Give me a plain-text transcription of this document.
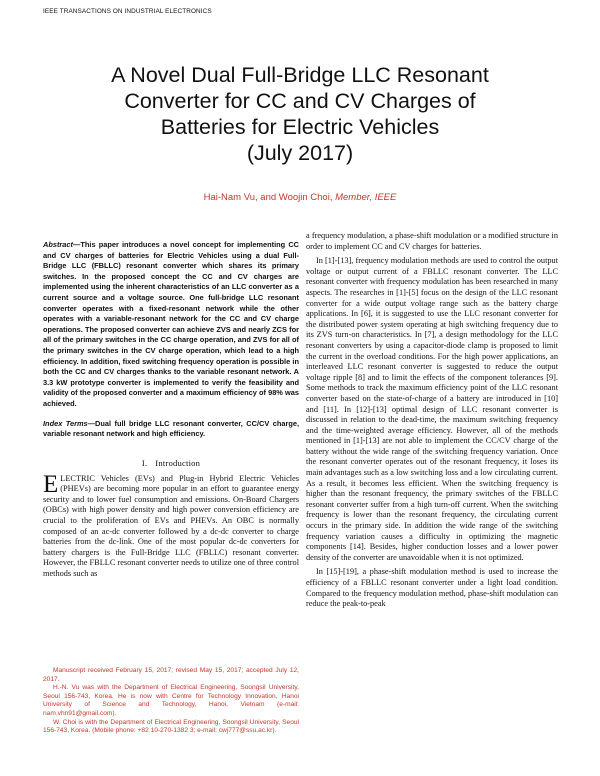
IEEE TRANSACTIONS ON INDUSTRIAL ELECTRONICS
A Novel Dual Full-Bridge LLC Resonant
Converter for CC and CV Charges of
Batteries for Electric Vehicles
(July 2017)
Hai-Nam Vu, and Woojin Choi, Member, IEEE

Abstract—This paper introduces a novel concept for implementing CC and CV charges of batteries for Electric Vehicles using a dual Full-Bridge LLC (FBLLC) resonant converter which shares its primary switches. In the proposed concept the CC and CV charges are implemented using the inherent characteristics of an LLC converter as a current source and a voltage source. One full-bridge LLC resonant converter operates with a fixed-resonant network while the other operates with a variable-resonant network for the CC and CV charge operations. The proposed converter can achieve ZVS and nearly ZCS for all of the primary switches in the CC charge operation, and ZVS for all of the primary switches in the CV charge operation, which lead to a high efficiency. In addition, fixed switching frequency operation is possible in both the CC and CV charges thanks to the variable resonant network. A 3.3 kW prototype converter is implemented to verify the feasibility and validity of the proposed converter and a maximum efficiency of 98% was achieved.

Index Terms—Dual full bridge LLC resonant converter, CC/CV charge, variable resonant network and high efficiency.

I. Introduction

ELECTRIC Vehicles (EVs) and Plug-in Hybrid Electric Vehicles (PHEVs) are becoming more popular in an effort to guarantee energy security and to lower fuel consumption and emissions. On-Board Chargers (OBCs) with high power density and high power conversion efficiency are crucial to the proliferation of EVs and PHEVs. An OBC is normally composed of an ac-dc converter followed by a dc-dc converter to charge batteries from the dc-link. One of the most popular dc-dc converters for battery chargers is the Full-Bridge LLC (FBLLC) resonant converter. However, the FBLLC resonant converter needs to utilize one of three control methods such as

Manuscript received February 15, 2017; revised May 15, 2017; accepted July 12, 2017.

H.-N. Vu was with the Department of Electrical Engineering, Soongsil University, Seoul 156-743, Korea. He is now with Centre for Technology Innovation, Hanoi University of Science and Technology, Hanoi, Vietnam (e-mail: nam.vhn91@gmail.com).

W. Choi is with the Department of Electrical Engineering, Soongsil University, Seoul 156-743, Korea. (Mobile phone: +82 10-270-1382 3; e-mail: cwj777@ssu.ac.kr).

a frequency modulation, a phase-shift modulation or a modified structure in order to implement CC and CV charges for batteries.

In [1]-[13], frequency modulation methods are used to control the output voltage or output current of a FBLLC resonant converter. The LLC resonant converter with frequency modulation has been researched in many aspects. The researches in [1]-[5] focus on the design of the LLC resonant converter for a wide output voltage range such as the battery charge applications. In [6], it is suggested to use the LLC resonant converter for the distributed power system operating at high switching frequency due to its ZVS turn-on characteristics. In [7], a design methodology for the LLC resonant converters by using a capacitor-diode clamp is proposed to limit the current in the overload conditions. For the high power applications, an interleaved LLC resonant converter is suggested to reduce the output voltage ripple [8] and to limit the effects of the component tolerances [9]. Some methods to track the maximum efficiency point of the LLC resonant converter based on the state-of-charge of a battery are introduced in [10] and [11]. In [12]-[13] optimal design of LLC resonant converter is discussed in relation to the dead-time, the maximum switching frequency and the time-weighted average efficiency. However, all of the methods mentioned in [1]-[13] are not able to implement the CC/CV charge of the battery without the wide range of the switching frequency variation. Once the resonant converter operates out of the resonant frequency, it loses its main advantages such as a low switching loss and a low circulating current. As a result, it becomes less efficient. When the switching frequency is higher than the resonant frequency, the primary switches of the FBLLC resonant converter suffer from a high turn-off current. When the switching frequency is lower than the resonant frequency, the circulating current occurs in the primary side. In addition the wide range of the switching frequency variation causes a difficulty in optimizing the magnetic components [14]. Besides, higher conduction losses and a lower power density of the converter are unavoidable when it is not optimized.

In [15]-[19], a phase-shift modulation method is used to increase the efficiency of a FBLLC resonant converter under a light load condition. Compared to the frequency modulation method, phase-shift modulation can reduce the peak-to-peak
